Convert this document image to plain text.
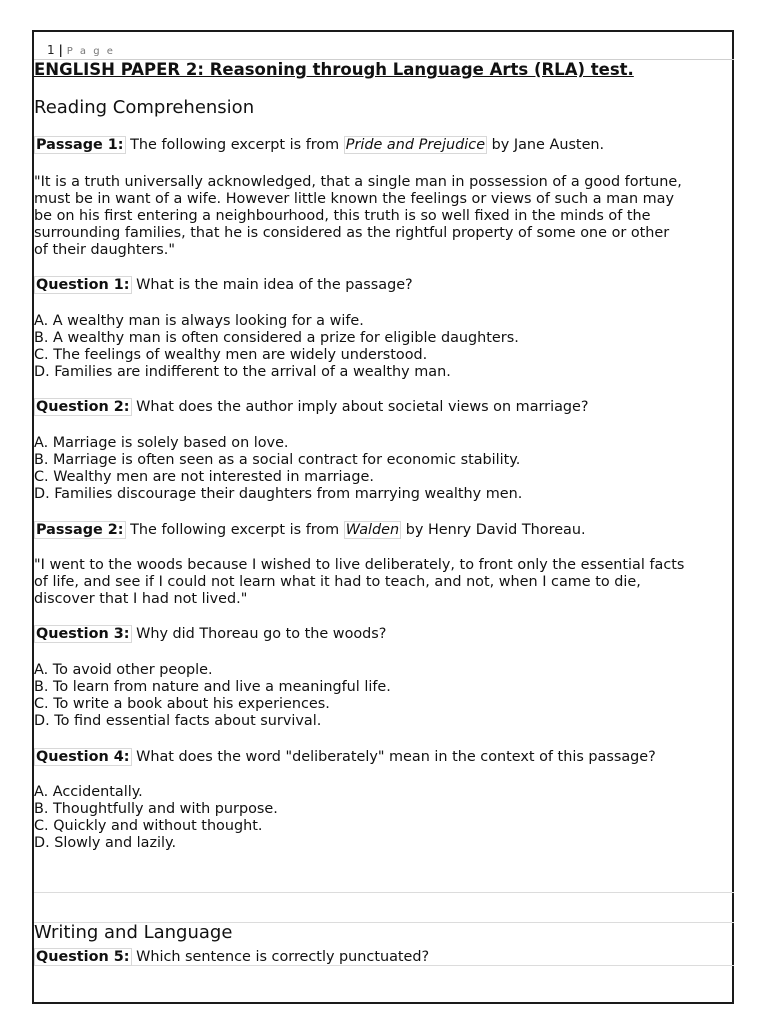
1 | P a g e
ENGLISH PAPER 2: Reasoning through Language Arts (RLA) test.
Reading Comprehension
Passage 1: The following excerpt is from Pride and Prejudice by Jane Austen.
"It is a truth universally acknowledged, that a single man in possession of a good fortune,
must be in want of a wife. However little known the feelings or views of such a man may
be on his first entering a neighbourhood, this truth is so well fixed in the minds of the
surrounding families, that he is considered as the rightful property of some one or other
of their daughters."
Question 1: What is the main idea of the passage?
A. A wealthy man is always looking for a wife.
B. A wealthy man is often considered a prize for eligible daughters.
C. The feelings of wealthy men are widely understood.
D. Families are indifferent to the arrival of a wealthy man.
Question 2: What does the author imply about societal views on marriage?
A. Marriage is solely based on love.
B. Marriage is often seen as a social contract for economic stability.
C. Wealthy men are not interested in marriage.
D. Families discourage their daughters from marrying wealthy men.
Passage 2: The following excerpt is from Walden by Henry David Thoreau.
"I went to the woods because I wished to live deliberately, to front only the essential facts
of life, and see if I could not learn what it had to teach, and not, when I came to die,
discover that I had not lived."
Question 3: Why did Thoreau go to the woods?
A. To avoid other people.
B. To learn from nature and live a meaningful life.
C. To write a book about his experiences.
D. To find essential facts about survival.
Question 4: What does the word "deliberately" mean in the context of this passage?
A. Accidentally.
B. Thoughtfully and with purpose.
C. Quickly and without thought.
D. Slowly and lazily.
Writing and Language
Question 5: Which sentence is correctly punctuated?
